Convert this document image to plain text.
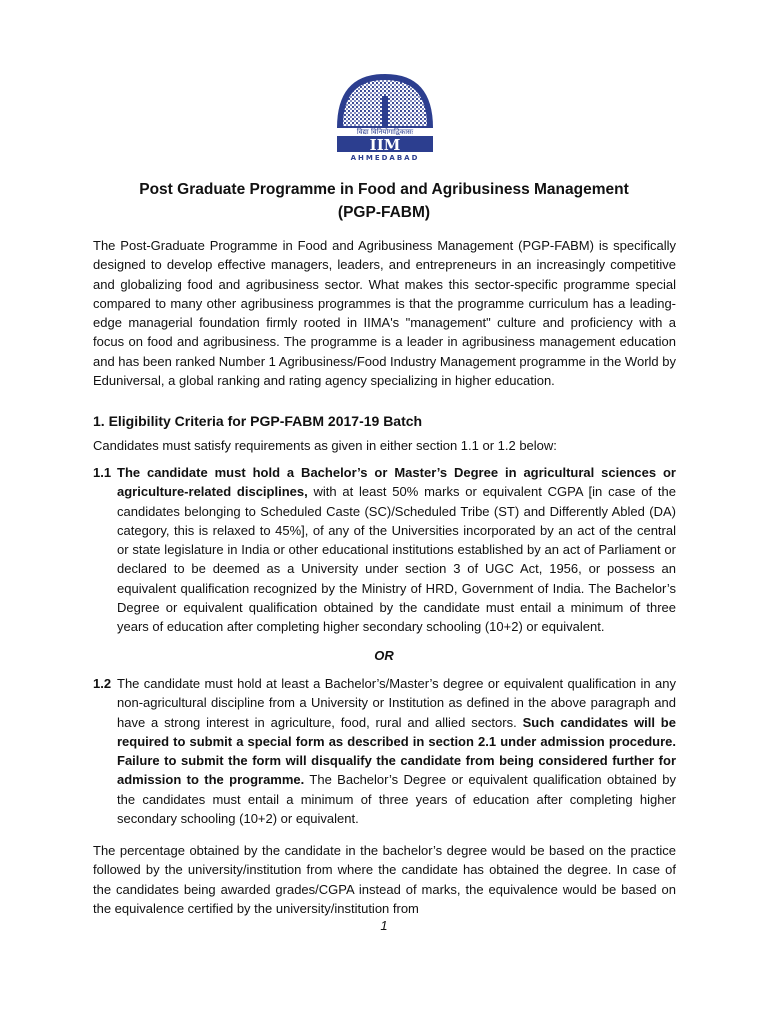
विद्या विनियोगाद्विकासः
IIM
AHMEDABAD
Post Graduate Programme in Food and Agribusiness Management
(PGP-FABM)

The Post-Graduate Programme in Food and Agribusiness Management (PGP-FABM) is specifically designed to develop effective managers, leaders, and entrepreneurs in an increasingly competitive and globalizing food and agribusiness sector. What makes this sector-specific programme special compared to many other agribusiness programmes is that the programme curriculum has a leading-edge managerial foundation firmly rooted in IIMA's "management" culture and proficiency with a focus on food and agribusiness. The programme is a leader in agribusiness management education and has been ranked Number 1 Agribusiness/Food Industry Management programme in the World by Eduniversal, a global ranking and rating agency specializing in higher education.

1. Eligibility Criteria for PGP-FABM 2017-19 Batch

Candidates must satisfy requirements as given in either section 1.1 or 1.2 below:

1.1 The candidate must hold a Bachelor’s or Master’s Degree in agricultural sciences or agriculture-related disciplines, with at least 50% marks or equivalent CGPA [in case of the candidates belonging to Scheduled Caste (SC)/Scheduled Tribe (ST) and Differently Abled (DA) category, this is relaxed to 45%], of any of the Universities incorporated by an act of the central or state legislature in India or other educational institutions established by an act of Parliament or declared to be deemed as a University under section 3 of UGC Act, 1956, or possess an equivalent qualification recognized by the Ministry of HRD, Government of India. The Bachelor’s Degree or equivalent qualification obtained by the candidate must entail a minimum of three years of education after completing higher secondary schooling (10+2) or equivalent.

OR
1.2 The candidate must hold at least a Bachelor’s/Master’s degree or equivalent qualification in any non-agricultural discipline from a University or Institution as defined in the above paragraph and have a strong interest in agriculture, food, rural and allied sectors. Such candidates will be required to submit a special form as described in section 2.1 under admission procedure. Failure to submit the form will disqualify the candidate from being considered further for admission to the programme. The Bachelor’s Degree or equivalent qualification obtained by the candidates must entail a minimum of three years of education after completing higher secondary schooling (10+2) or equivalent.

The percentage obtained by the candidate in the bachelor’s degree would be based on the practice followed by the university/institution from where the candidate has obtained the degree. In case of the candidates being awarded grades/CGPA instead of marks, the equivalence would be based on the equivalence certified by the university/institution from

1
